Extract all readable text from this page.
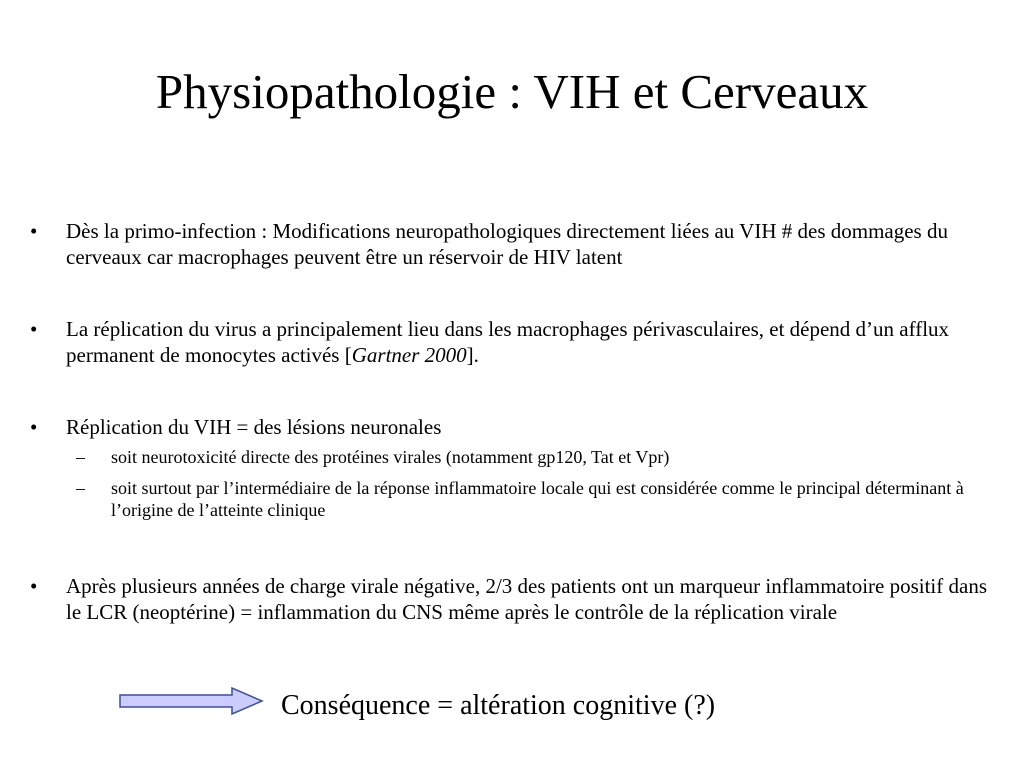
Physiopathologie : VIH et Cerveaux
• Dès la primo-infection : Modifications neuropathologiques directement liées au VIH # des dommages du cerveaux car macrophages peuvent être un réservoir de HIV latent
• La réplication du virus a principalement lieu dans les macrophages périvasculaires, et dépend d’un afflux permanent de monocytes activés [Gartner 2000].
• Réplication du VIH = des lésions neuronales
– soit neurotoxicité directe des protéines virales (notamment gp120, Tat et Vpr)
– soit surtout par l’intermédiaire de la réponse inflammatoire locale qui est considérée comme le principal déterminant à l’origine de l’atteinte clinique
• Après plusieurs années de charge virale négative, 2/3 des patients ont un marqueur inflammatoire positif dans le LCR (neoptérine) = inflammation du CNS même après le contrôle de la réplication virale
Conséquence = altération cognitive (?)
